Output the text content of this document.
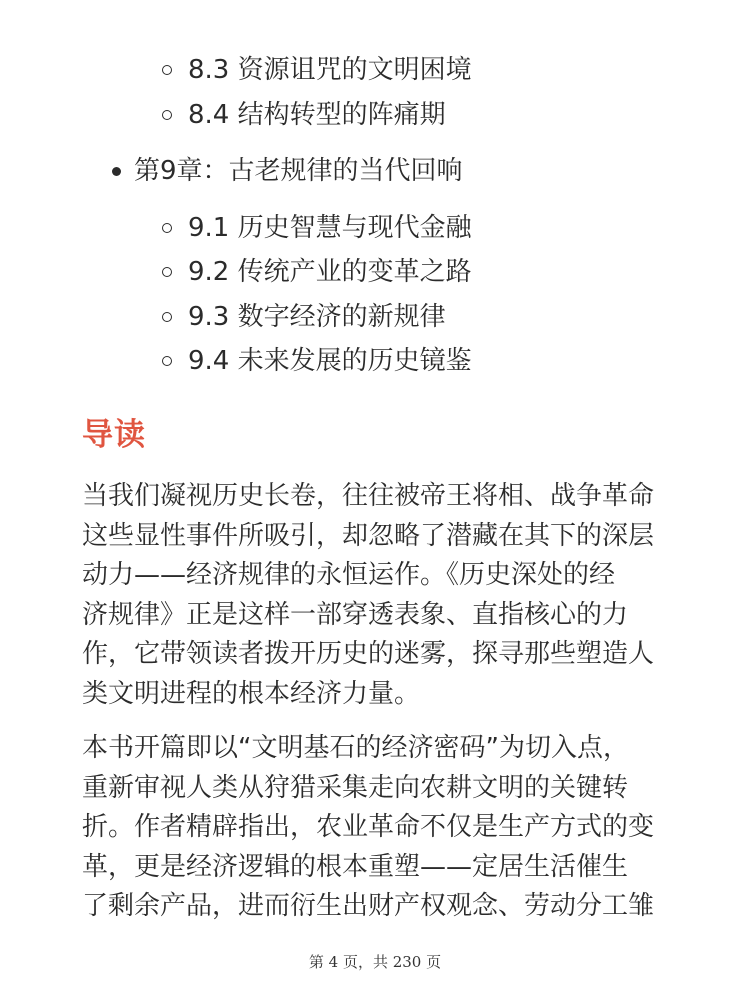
8.3 资源诅咒的文明困境
8.4 结构转型的阵痛期
第9章：古老规律的当代回响
9.1 历史智慧与现代金融
9.2 传统产业的变革之路
9.3 数字经济的新规律
9.4 未来发展的历史镜鉴
导读
当我们凝视历史长卷，往往被帝王将相、战争革命
这些显性事件所吸引，却忽略了潜藏在其下的深层
动力——经济规律的永恒运作。《历史深处的经
济规律》正是这样一部穿透表象、直指核心的力
作，它带领读者拨开历史的迷雾，探寻那些塑造人
类文明进程的根本经济力量。
本书开篇即以“文明基石的经济密码”为切入点，
重新审视人类从狩猎采集走向农耕文明的关键转
折。作者精辟指出，农业革命不仅是生产方式的变
革，更是经济逻辑的根本重塑——定居生活催生
了剩余产品，进而衍生出财产权观念、劳动分工雏
第 4 页，共 230 页
